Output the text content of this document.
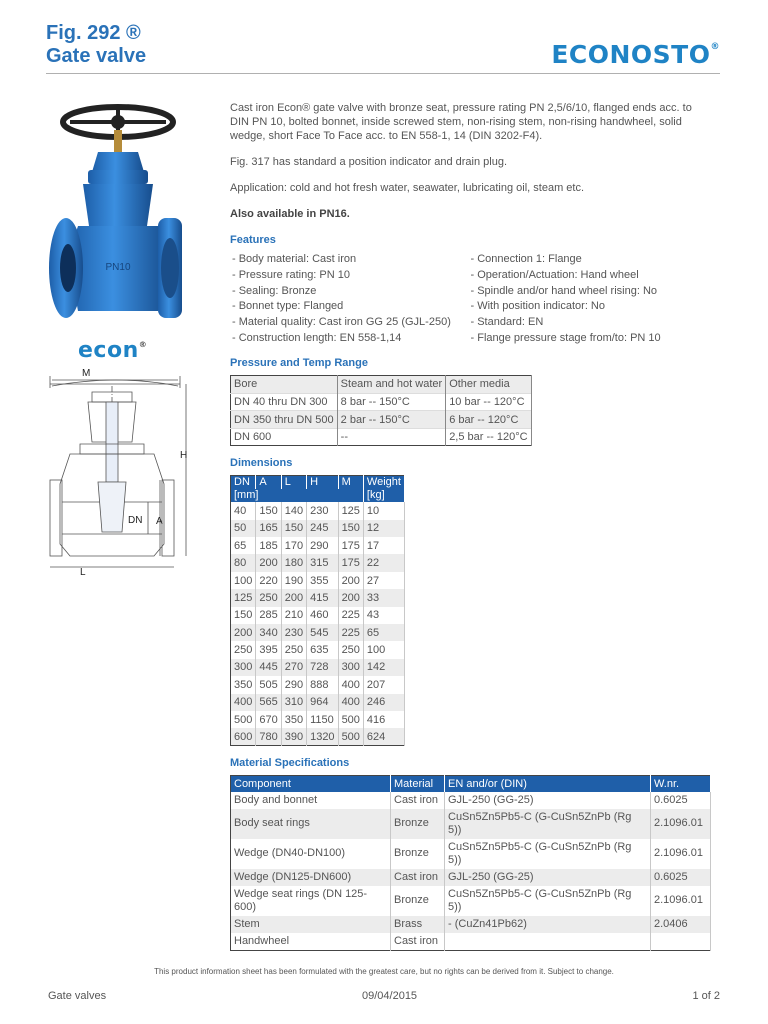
Fig. 292 ®
Gate valve	ECONOSTO®
PN10
econ®
M
H
DN A
L

Cast iron Econ® gate valve with bronze seat, pressure rating PN 2,5/6/10, flanged ends acc. to DIN PN 10, bolted bonnet, inside screwed stem, non-rising stem, non-rising handwheel, solid wedge, short Face To Face acc. to EN 558-1, 14 (DIN 3202-F4).

Fig. 317 has standard a position indicator and drain plug.

Application: cold and hot fresh water, seawater, lubricating oil, steam etc.

Also available in PN16.

Features
- Body material: Cast iron
- Pressure rating: PN 10
- Sealing: Bronze
- Bonnet type: Flanged
- Material quality: Cast iron GG 25 (GJL-250)
- Construction length: EN 558-1,14
- Connection 1: Flange
- Operation/Actuation: Hand wheel
- Spindle and/or hand wheel rising: No
- With position indicator: No
- Standard: EN
- Flange pressure stage from/to: PN 10
Pressure and Temp Range
Bore	Steam and hot water	Other media
DN 40 thru DN 300	8 bar -- 150°C	10 bar -- 120°C
DN 350 thru DN 500	2 bar -- 150°C	6 bar -- 120°C
DN 600	--	2,5 bar -- 120°C
Dimensions
DN	A	L	H	M	Weight
[mm]					[kg]
40	150	140	230	125	10
50	165	150	245	150	12
65	185	170	290	175	17
80	200	180	315	175	22
100	220	190	355	200	27
125	250	200	415	200	33
150	285	210	460	225	43
200	340	230	545	225	65
250	395	250	635	250	100
300	445	270	728	300	142
350	505	290	888	400	207
400	565	310	964	400	246
500	670	350	1150	500	416
600	780	390	1320	500	624
Material Specifications
Component	Material	EN and/or (DIN)	W.nr.
Body and bonnet	Cast iron	GJL-250 (GG-25)	0.6025
Body seat rings	Bronze	CuSn5Zn5Pb5-C (G-CuSn5ZnPb (Rg 5))	2.1096.01
Wedge (DN40-DN100)	Bronze	CuSn5Zn5Pb5-C (G-CuSn5ZnPb (Rg 5))	2.1096.01
Wedge (DN125-DN600)	Cast iron	GJL-250 (GG-25)	0.6025
Wedge seat rings (DN 125-600)	Bronze	CuSn5Zn5Pb5-C (G-CuSn5ZnPb (Rg 5))	2.1096.01
Stem	Brass	- (CuZn41Pb62)	2.0406
Handwheel	Cast iron		
This product information sheet has been formulated with the greatest care, but no rights can be derived from it. Subject to change.
Gate valves	09/04/2015	1 of 2
